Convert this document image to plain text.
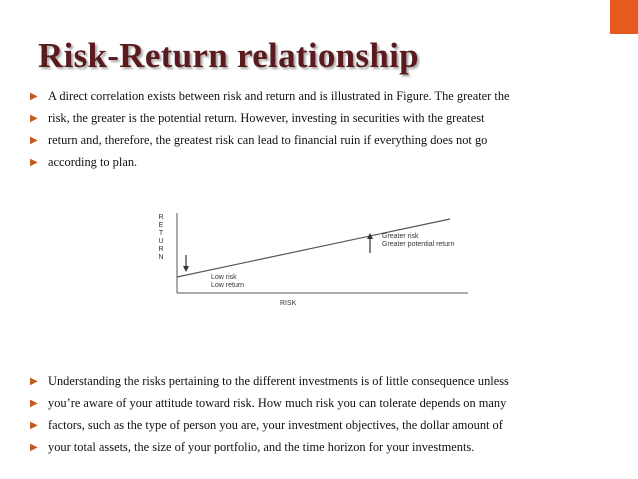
Risk-Return relationship
▶ A direct correlation exists between risk and return and is illustrated in Figure. The greater the
▶ risk, the greater is the potential return. However, investing in securities with the greatest
▶ return and, therefore, the greatest risk can lead to financial ruin if everything does not go
▶ according to plan.
R
E
T
U
R
N
Greater risk
Greater potential return
Low risk
Low return
RISK
▶ Understanding the risks pertaining to the different investments is of little consequence unless
▶ you’re aware of your attitude toward risk. How much risk you can tolerate depends on many
▶ factors, such as the type of person you are, your investment objectives, the dollar amount of
▶ your total assets, the size of your portfolio, and the time horizon for your investments.
